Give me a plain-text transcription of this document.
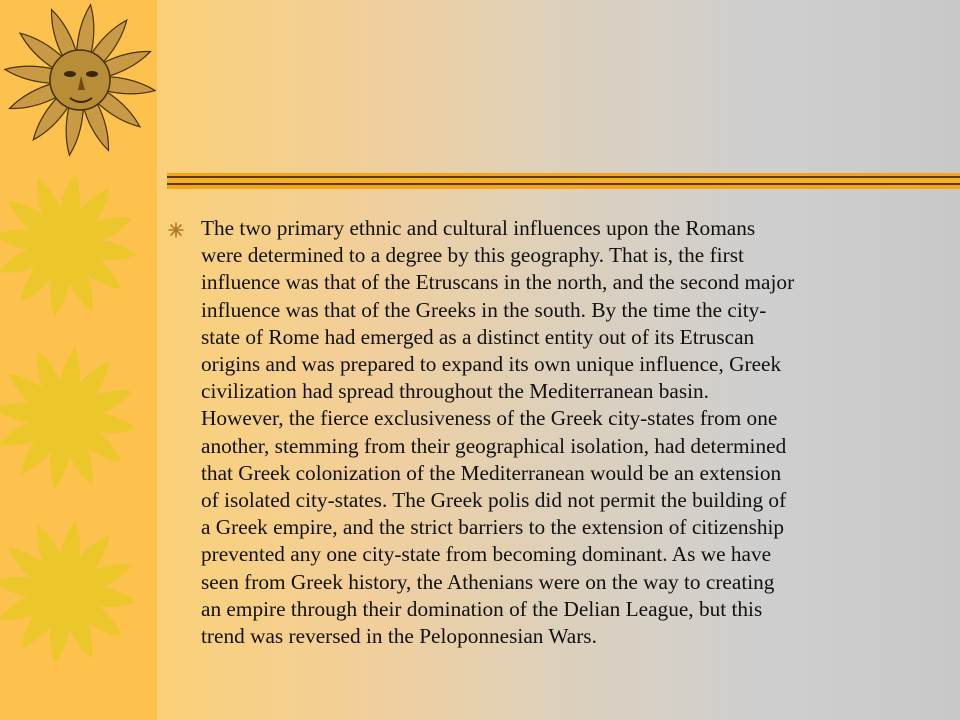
The two primary ethnic and cultural influences upon the Romans
were determined to a degree by this geography. That is, the first
influence was that of the Etruscans in the north, and the second major
influence was that of the Greeks in the south. By the time the city-
state of Rome had emerged as a distinct entity out of its Etruscan
origins and was prepared to expand its own unique influence, Greek
civilization had spread throughout the Mediterranean basin.
However, the fierce exclusiveness of the Greek city-states from one
another, stemming from their geographical isolation, had determined
that Greek colonization of the Mediterranean would be an extension
of isolated city-states. The Greek polis did not permit the building of
a Greek empire, and the strict barriers to the extension of citizenship
prevented any one city-state from becoming dominant. As we have
seen from Greek history, the Athenians were on the way to creating
an empire through their domination of the Delian League, but this
trend was reversed in the Peloponnesian Wars.
